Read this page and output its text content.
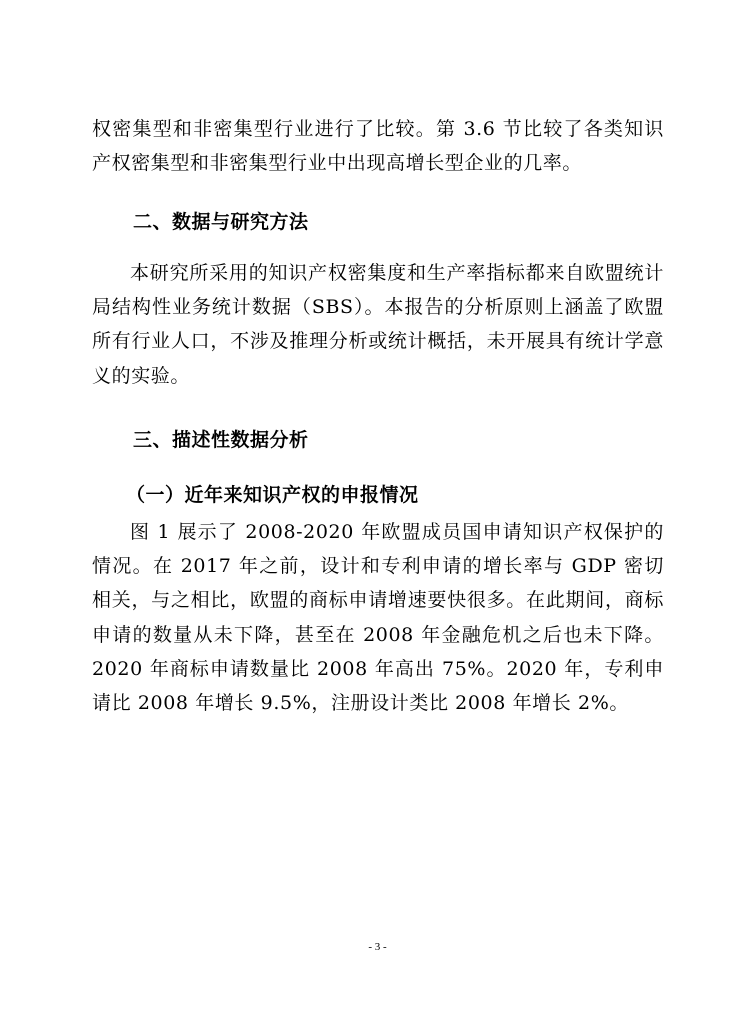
权密集型和非密集型行业进行了比较。第 3.6 节比较了各类知识产权密集型和非密集型行业中出现高增长型企业的几率。

二、数据与研究方法

本研究所采用的知识产权密集度和生产率指标都来自欧盟统计局结构性业务统计数据（SBS）。本报告的分析原则上涵盖了欧盟所有行业人口，不涉及推理分析或统计概括，未开展具有统计学意义的实验。

三、描述性数据分析
（一）近年来知识产权的申报情况

图 1 展示了 2008-2020 年欧盟成员国申请知识产权保护的情况。在 2017 年之前，设计和专利申请的增长率与 GDP 密切相关，与之相比，欧盟的商标申请增速要快很多。在此期间，商标申请的数量从未下降，甚至在 2008 年金融危机之后也未下降。2020 年商标申请数量比 2008 年高出 75%。2020 年，专利申请比 2008 年增长 9.5%，注册设计类比 2008 年增长 2%。

- 3 -
